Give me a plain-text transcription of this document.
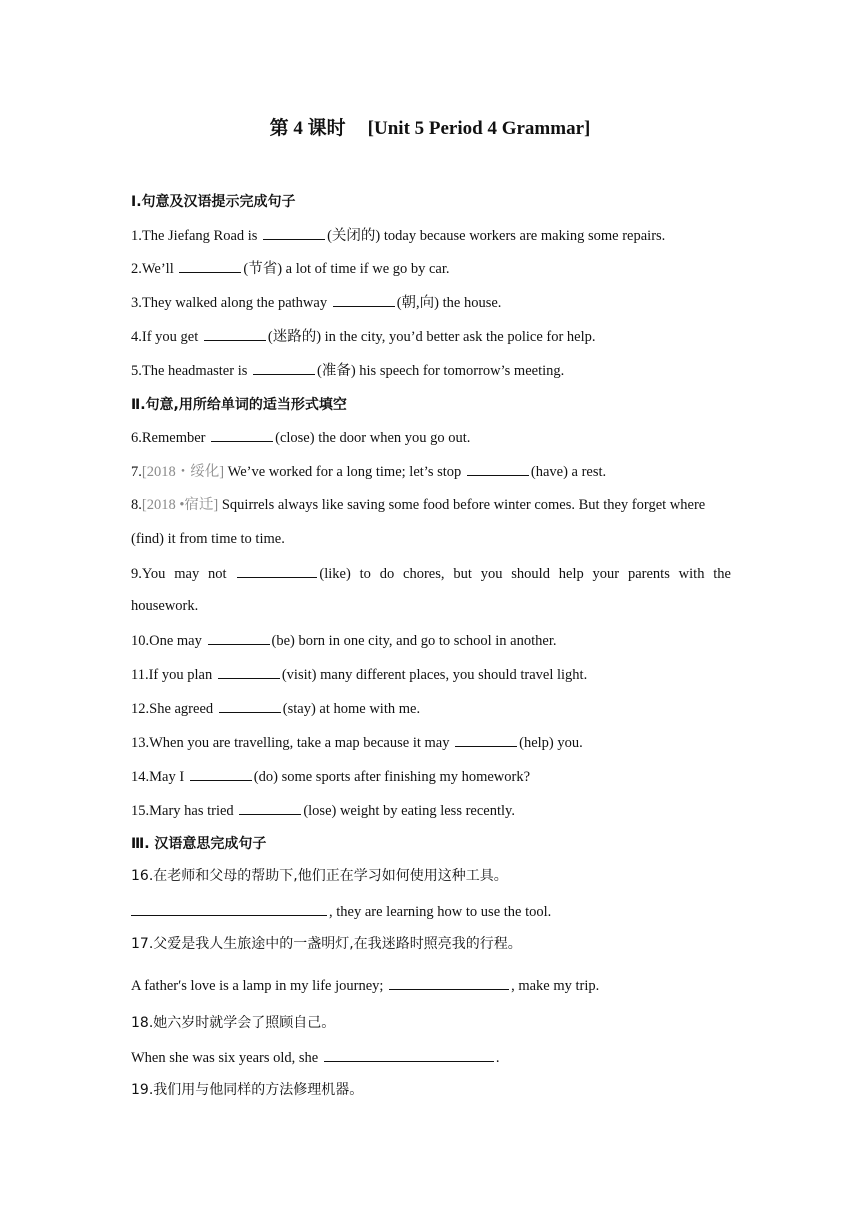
第 4 课时 [Unit 5 Period 4 Grammar]
Ⅰ.句意及汉语提示完成句子
1.The Jiefang Road is	(关闭的) today because workers are making some repairs.
2.We’ll	(节省) a lot of time if we go by car.
3.They walked along the pathway	(朝,向) the house.
4.If you get	(迷路的) in the city, you’d better ask the police for help.
5.The headmaster is	(准备) his speech for tomorrow’s meeting.
Ⅱ.句意,用所给单词的适当形式填空
6.Remember	(close) the door when you go out.
7.[2018・绥化] We’ve worked for a long time; let’s stop	(have) a rest.
8.[2018 •宿迁] Squirrels always like saving some food before winter comes. But they forget where
(find) it from time to time.
9.You may not	(like) to do chores, but you should help your parents with the
housework.
10.One may	(be) born in one city, and go to school in another.
11.If you plan	(visit) many different places, you should travel light.
12.She agreed	(stay) at home with me.
13.When you are travelling, take a map because it may	(help) you.
14.May I	(do) some sports after finishing my homework?
15.Mary has tried	(lose) weight by eating less recently.
Ⅲ. 汉语意思完成句子
16.在老师和父母的帮助下,他们正在学习如何使用这种工具。
, they are learning how to use the tool.
17.父爱是我人生旅途中的一盏明灯,在我迷路时照亮我的行程。
A father′s love is a lamp in my life journey;	, make my trip.
18.她六岁时就学会了照顾自己。
When she was six years old, she	.
19.我们用与他同样的方法修理机器。
